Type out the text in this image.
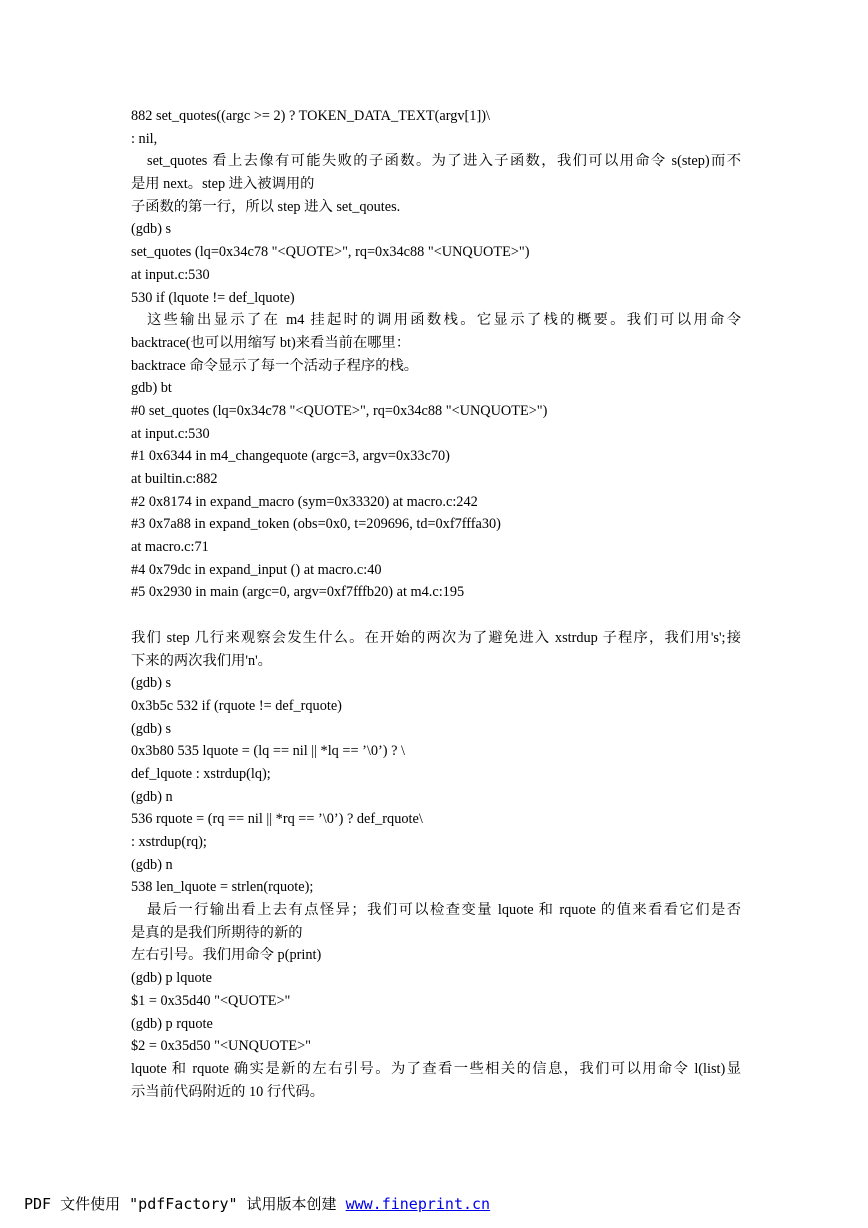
882 set_quotes((argc >= 2) ? TOKEN_DATA_TEXT(argv[1])\
: nil,
set_quotes 看上去像有可能失败的子函数。为了进入子函数，我们可以用命令 s(step)而不
是用 next。step 进入被调用的
子函数的第一行，所以 step 进入 set_qoutes.
(gdb) s
set_quotes (lq=0x34c78 "<QUOTE>", rq=0x34c88 "<UNQUOTE>")
at input.c:530
530 if (lquote != def_lquote)
这些输出显示了在 m4 挂起时的调用函数栈。它显示了栈的概要。我们可以用命令
backtrace(也可以用缩写 bt)来看当前在哪里：
backtrace 命令显示了每一个活动子程序的栈。
gdb) bt
#0 set_quotes (lq=0x34c78 "<QUOTE>", rq=0x34c88 "<UNQUOTE>")
at input.c:530
#1 0x6344 in m4_changequote (argc=3, argv=0x33c70)
at builtin.c:882
#2 0x8174 in expand_macro (sym=0x33320) at macro.c:242
#3 0x7a88 in expand_token (obs=0x0, t=209696, td=0xf7fffa30)
at macro.c:71
#4 0x79dc in expand_input () at macro.c:40
#5 0x2930 in main (argc=0, argv=0xf7fffb20) at m4.c:195
我们 step 几行来观察会发生什么。在开始的两次为了避免进入 xstrdup 子程序，我们用's';接
下来的两次我们用'n'。
(gdb) s
0x3b5c 532 if (rquote != def_rquote)
(gdb) s
0x3b80 535 lquote = (lq == nil || *lq == ’\0’) ? \
def_lquote : xstrdup(lq);
(gdb) n
536 rquote = (rq == nil || *rq == ’\0’) ? def_rquote\
: xstrdup(rq);
(gdb) n
538 len_lquote = strlen(rquote);
最后一行输出看上去有点怪异；我们可以检查变量 lquote 和 rquote 的值来看看它们是否
是真的是我们所期待的新的
左右引号。我们用命令 p(print)
(gdb) p lquote
$1 = 0x35d40 "<QUOTE>"
(gdb) p rquote
$2 = 0x35d50 "<UNQUOTE>"
lquote 和 rquote 确实是新的左右引号。为了查看一些相关的信息，我们可以用命令 l(list)显
示当前代码附近的 10 行代码。
PDF 文件使用 "pdfFactory" 试用版本创建 www.fineprint.cn
